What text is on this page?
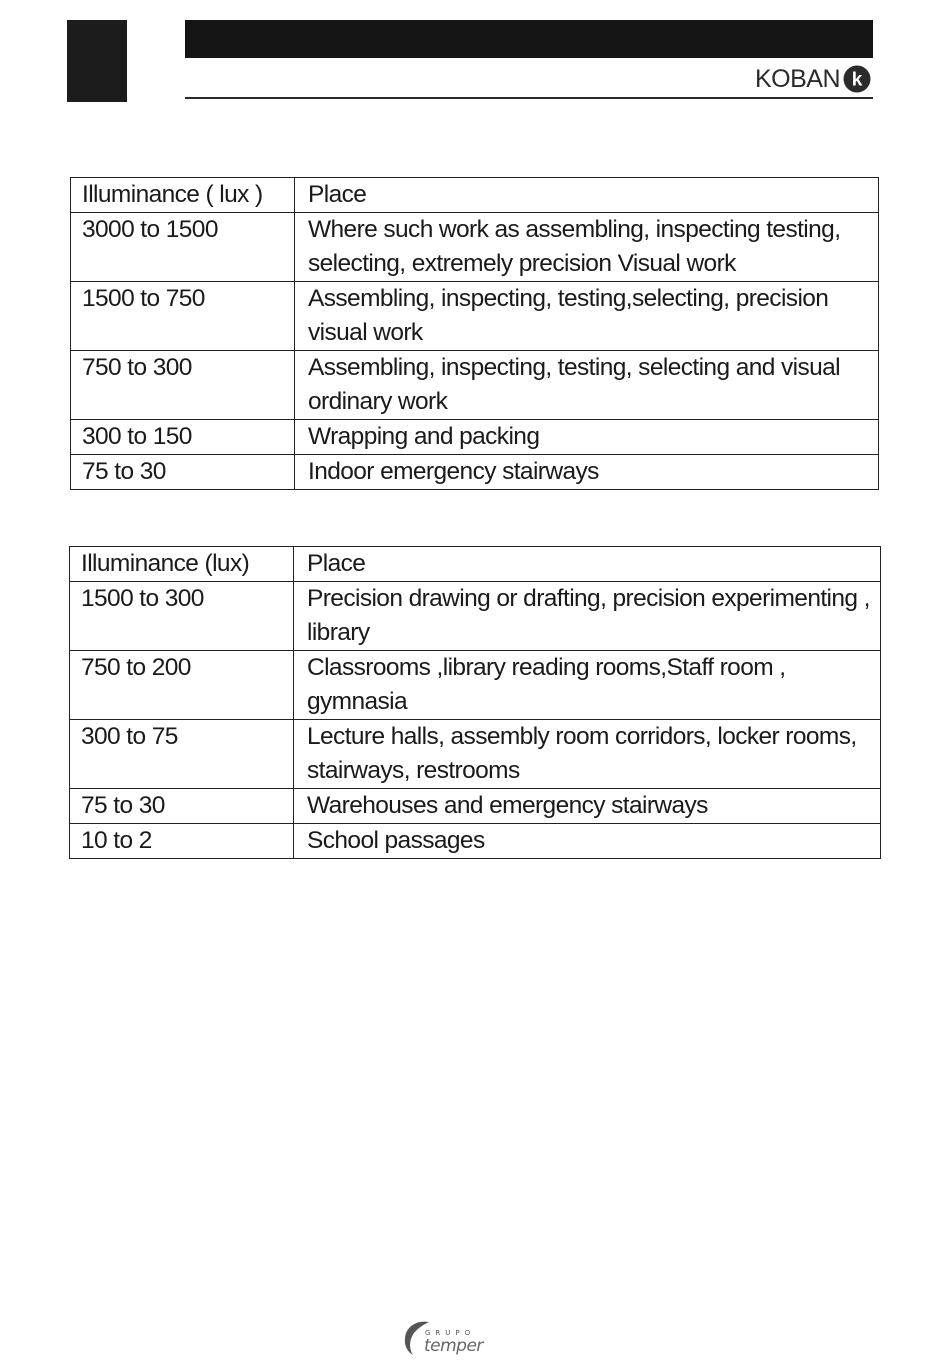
KOBAN k
Illuminance ( lux )	Place
3000 to 1500	Where such work as assembling, inspecting testing,
selecting, extremely precision Visual work
1500 to 750	Assembling, inspecting, testing,selecting, precision
visual work
750 to 300	Assembling, inspecting, testing, selecting and visual
ordinary work
300 to 150	Wrapping and packing
75 to 30	Indoor emergency stairways
Illuminance (lux)	Place
1500 to 300	Precision drawing or drafting, precision experimenting ,
library
750 to 200	Classrooms ,library reading rooms,Staff room ,
gymnasia
300 to 75	Lecture halls, assembly room corridors, locker rooms,
stairways, restrooms
75 to 30	Warehouses and emergency stairways
10 to 2	School passages
GRUPO
temper
